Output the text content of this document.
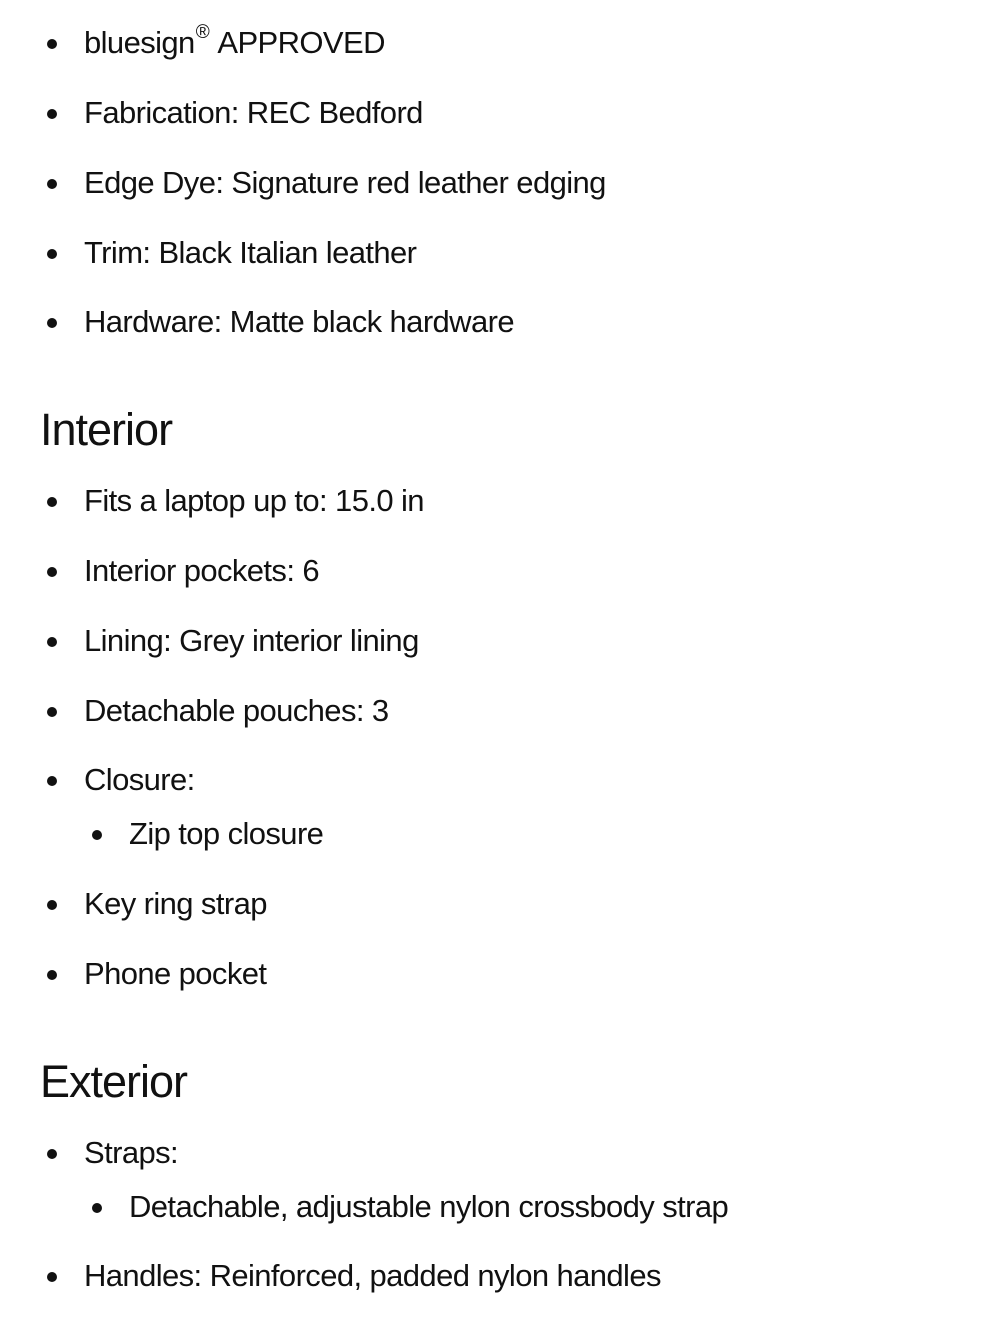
bluesign® APPROVED
Fabrication: REC Bedford
Edge Dye: Signature red leather edging
Trim: Black Italian leather
Hardware: Matte black hardware
Interior
Fits a laptop up to: 15.0 in
Interior pockets: 6
Lining: Grey interior lining
Detachable pouches: 3
Closure:
Zip top closure
Key ring strap
Phone pocket
Exterior
Straps:
Detachable, adjustable nylon crossbody strap
Handles: Reinforced, padded nylon handles
